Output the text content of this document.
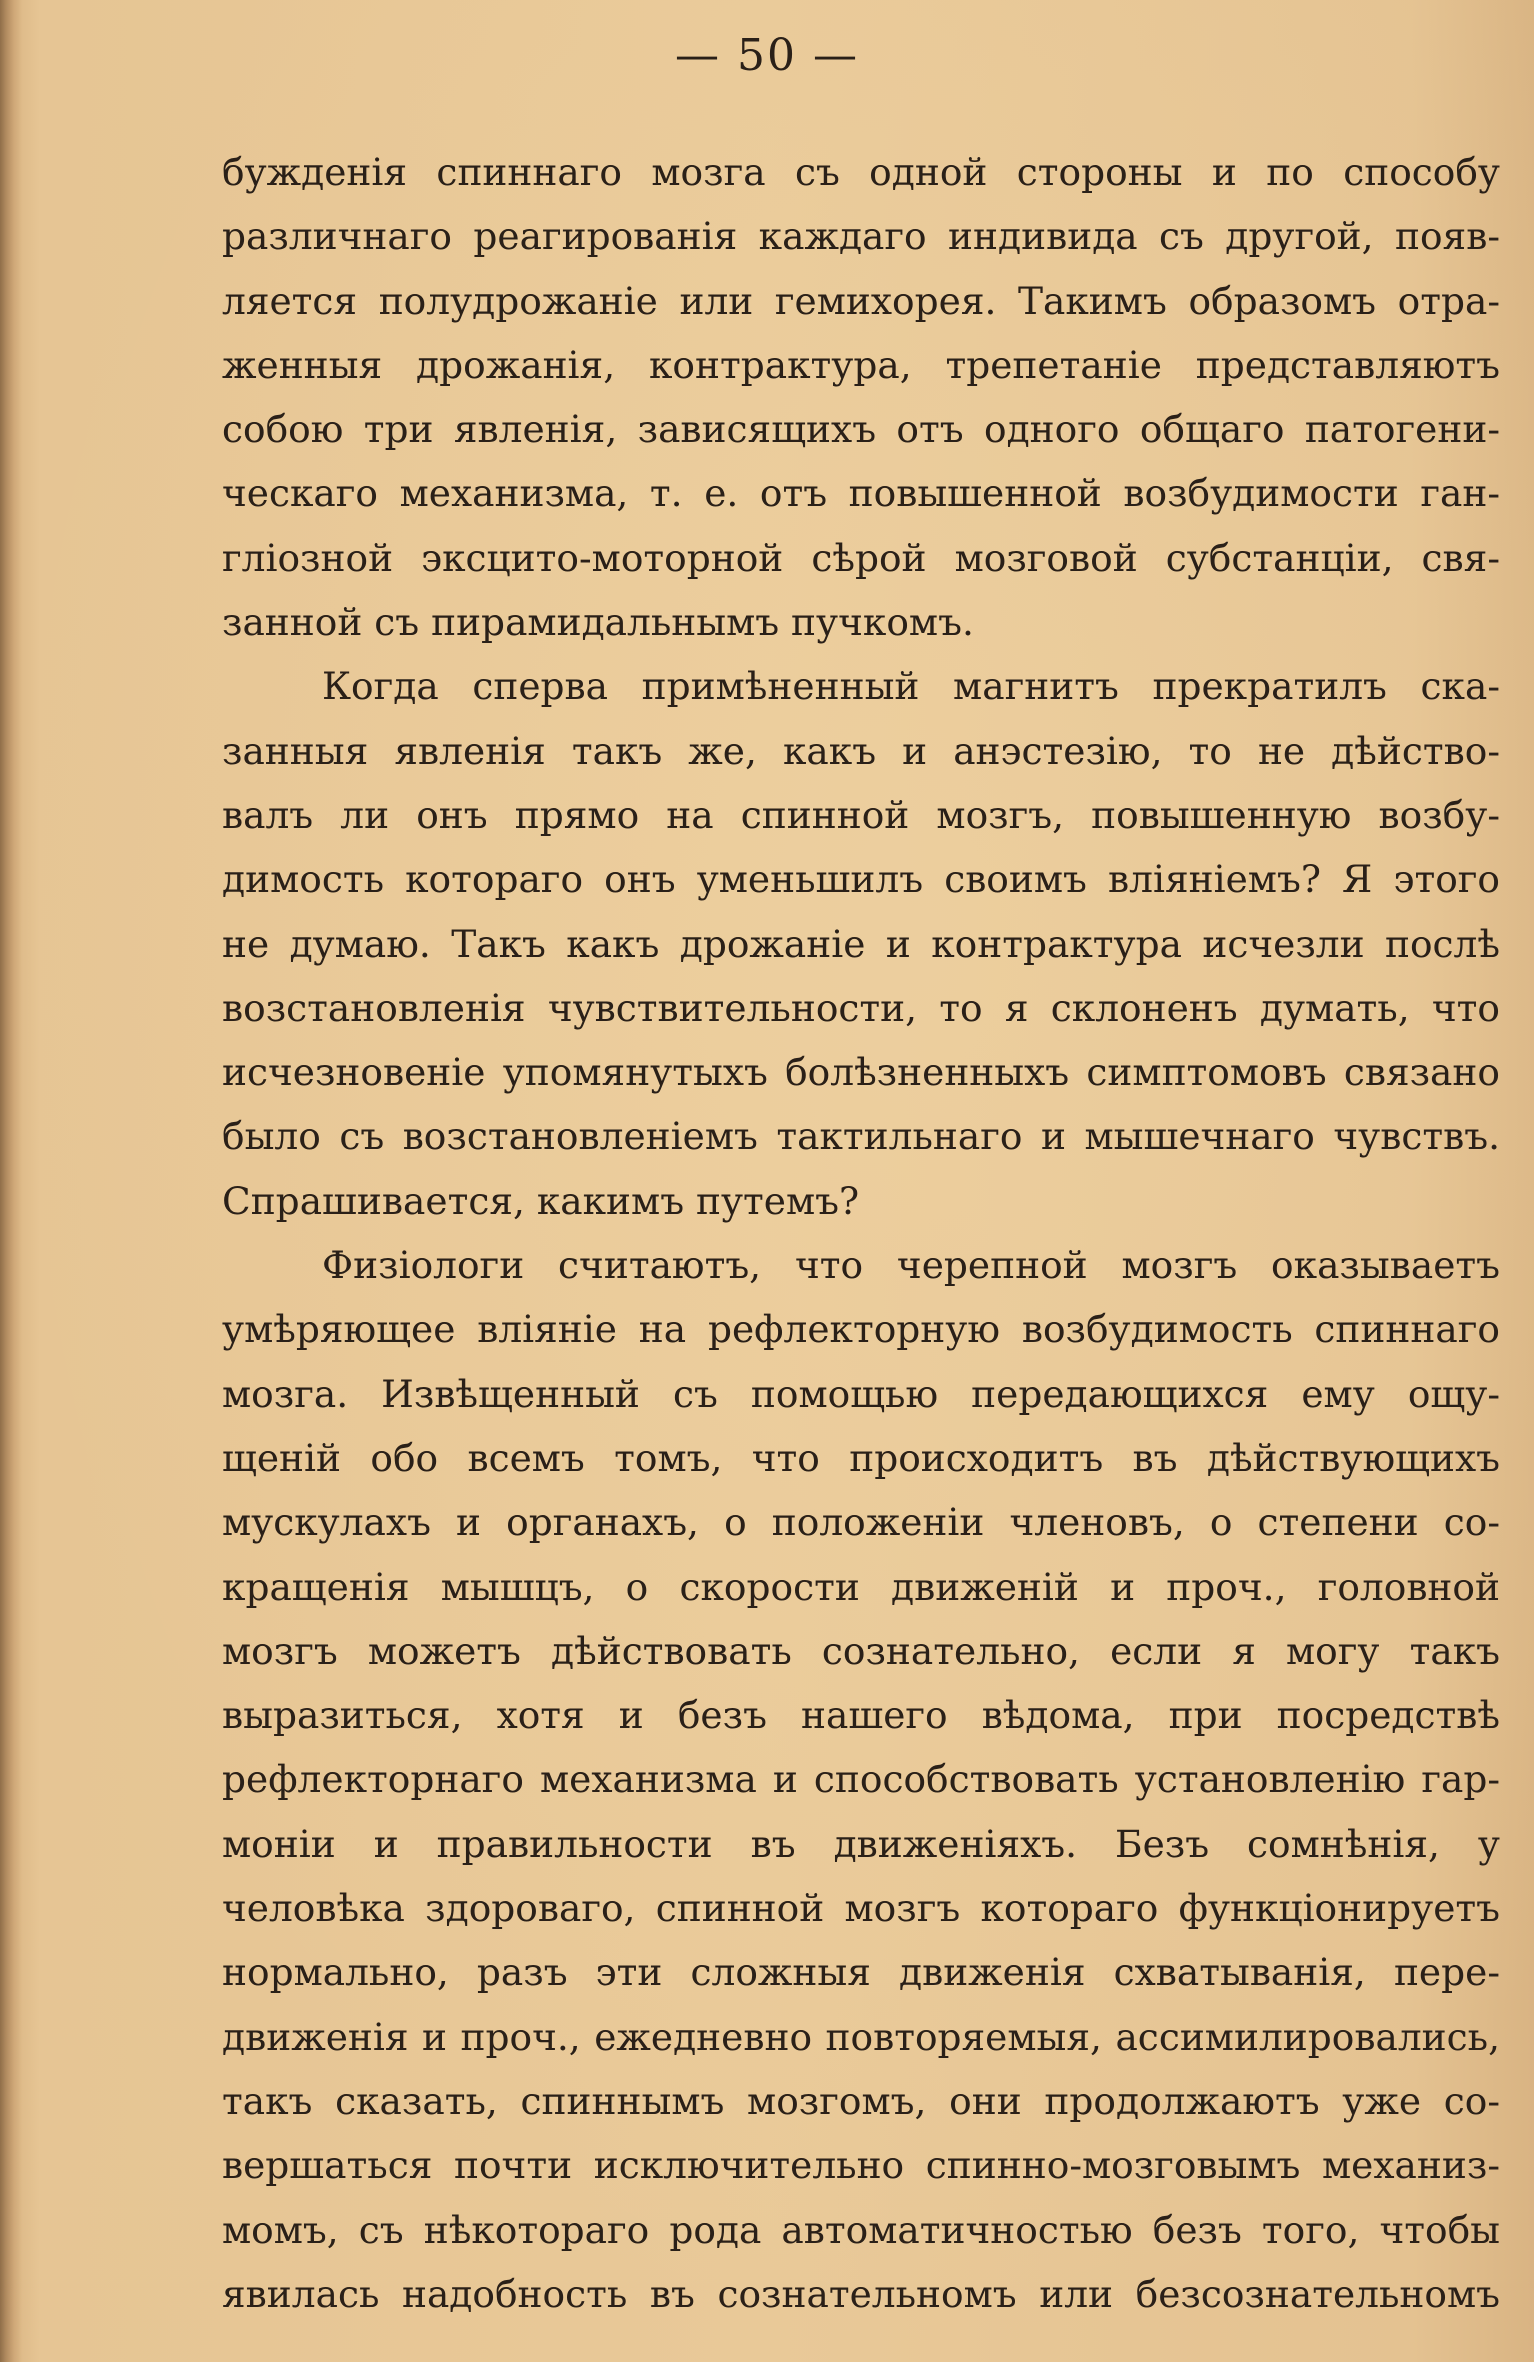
— 50 —
бужденія спиннаго мозга съ одной стороны и по способу
различнаго реагированія каждаго индивида съ другой, появ-
ляется полудрожаніе или гемихорея. Такимъ образомъ отра-
женныя дрожанія, контрактура, трепетаніе представляютъ
собою три явленія, зависящихъ отъ одного общаго патогени-
ческаго механизма, т. е. отъ повышенной возбудимости ган-
гліозной эксцито-моторной сѣрой мозговой субстанціи, свя-
занной съ пирамидальнымъ пучкомъ.
Когда сперва примѣненный магнитъ прекратилъ ска-
занныя явленія такъ же, какъ и анэстезію, то не дѣйство-
валъ ли онъ прямо на спинной мозгъ, повышенную возбу-
димость котораго онъ уменьшилъ своимъ вліяніемъ? Я этого
не думаю. Такъ какъ дрожаніе и контрактура исчезли послѣ
возстановленія чувствительности, то я склоненъ думать, что
исчезновеніе упомянутыхъ болѣзненныхъ симптомовъ связано
было съ возстановленіемъ тактильнаго и мышечнаго чувствъ.
Спрашивается, какимъ путемъ?
Физіологи считаютъ, что черепной мозгъ оказываетъ
умѣряющее вліяніе на рефлекторную возбудимость спиннаго
мозга. Извѣщенный съ помощью передающихся ему ощу-
щеній обо всемъ томъ, что происходитъ въ дѣйствующихъ
мускулахъ и органахъ, о положеніи членовъ, о степени со-
кращенія мышцъ, о скорости движеній и проч., головной
мозгъ можетъ дѣйствовать сознательно, если я могу такъ
выразиться, хотя и безъ нашего вѣдома, при посредствѣ
рефлекторнаго механизма и способствовать установленію гар-
моніи и правильности въ движеніяхъ. Безъ сомнѣнія, у
человѣка здороваго, спинной мозгъ котораго функціонируетъ
нормально, разъ эти сложныя движенія схватыванія, пере-
движенія и проч., ежедневно повторяемыя, ассимилировались,
такъ сказать, спиннымъ мозгомъ, они продолжаютъ уже со-
вершаться почти исключительно спинно-мозговымъ механиз-
момъ, съ нѣкотораго рода автоматичностью безъ того, чтобы
явилась надобность въ сознательномъ или безсознательномъ
